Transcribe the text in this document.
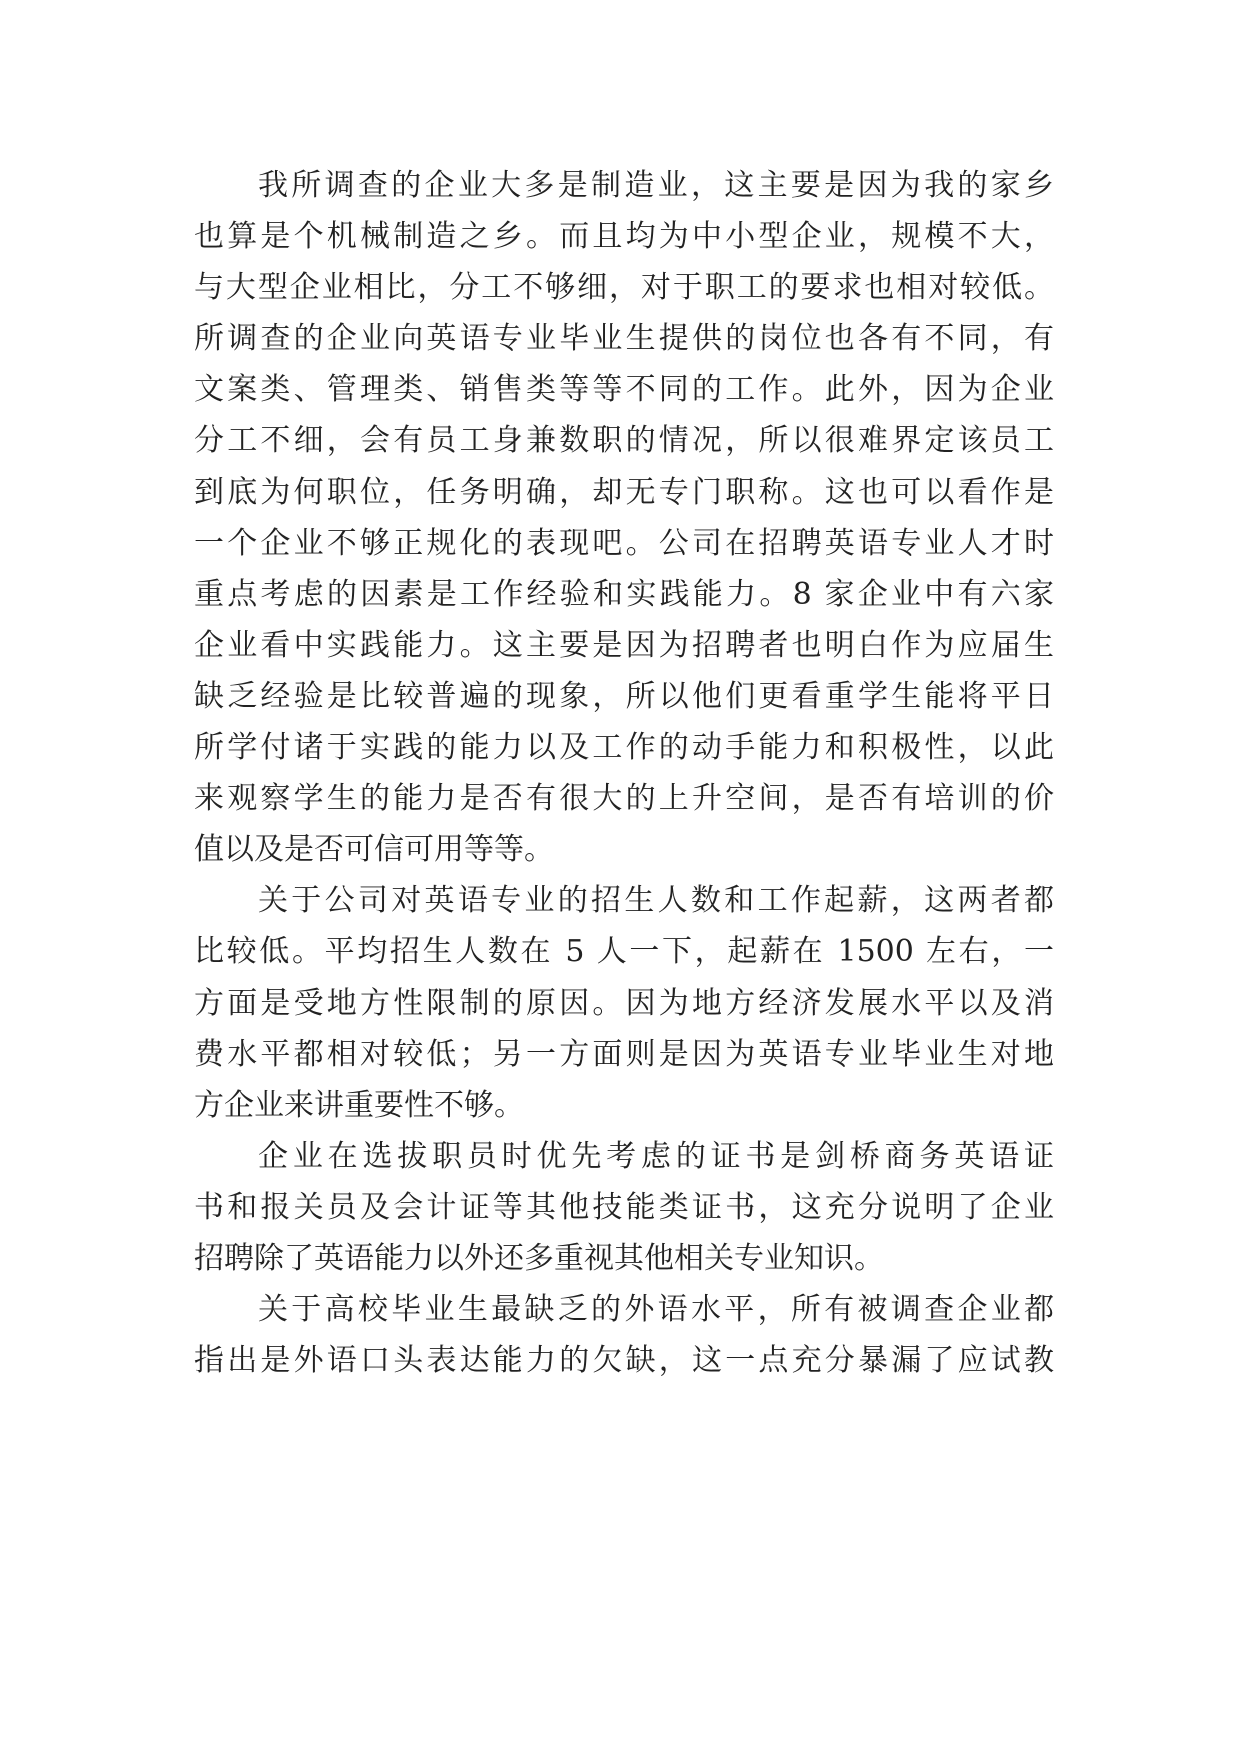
我所调查的企业大多是制造业，这主要是因为我的家乡
也算是个机械制造之乡。而且均为中小型企业，规模不大，
与大型企业相比，分工不够细，对于职工的要求也相对较低。
所调查的企业向英语专业毕业生提供的岗位也各有不同，有
文案类、管理类、销售类等等不同的工作。此外，因为企业
分工不细，会有员工身兼数职的情况，所以很难界定该员工
到底为何职位，任务明确，却无专门职称。这也可以看作是
一个企业不够正规化的表现吧。公司在招聘英语专业人才时
重点考虑的因素是工作经验和实践能力。8 家企业中有六家
企业看中实践能力。这主要是因为招聘者也明白作为应届生
缺乏经验是比较普遍的现象，所以他们更看重学生能将平日
所学付诸于实践的能力以及工作的动手能力和积极性，以此
来观察学生的能力是否有很大的上升空间，是否有培训的价
值以及是否可信可用等等。
关于公司对英语专业的招生人数和工作起薪，这两者都
比较低。平均招生人数在 5 人一下，起薪在 1500 左右，一
方面是受地方性限制的原因。因为地方经济发展水平以及消
费水平都相对较低；另一方面则是因为英语专业毕业生对地
方企业来讲重要性不够。
企业在选拔职员时优先考虑的证书是剑桥商务英语证
书和报关员及会计证等其他技能类证书，这充分说明了企业
招聘除了英语能力以外还多重视其他相关专业知识。
关于高校毕业生最缺乏的外语水平，所有被调查企业都
指出是外语口头表达能力的欠缺，这一点充分暴漏了应试教
